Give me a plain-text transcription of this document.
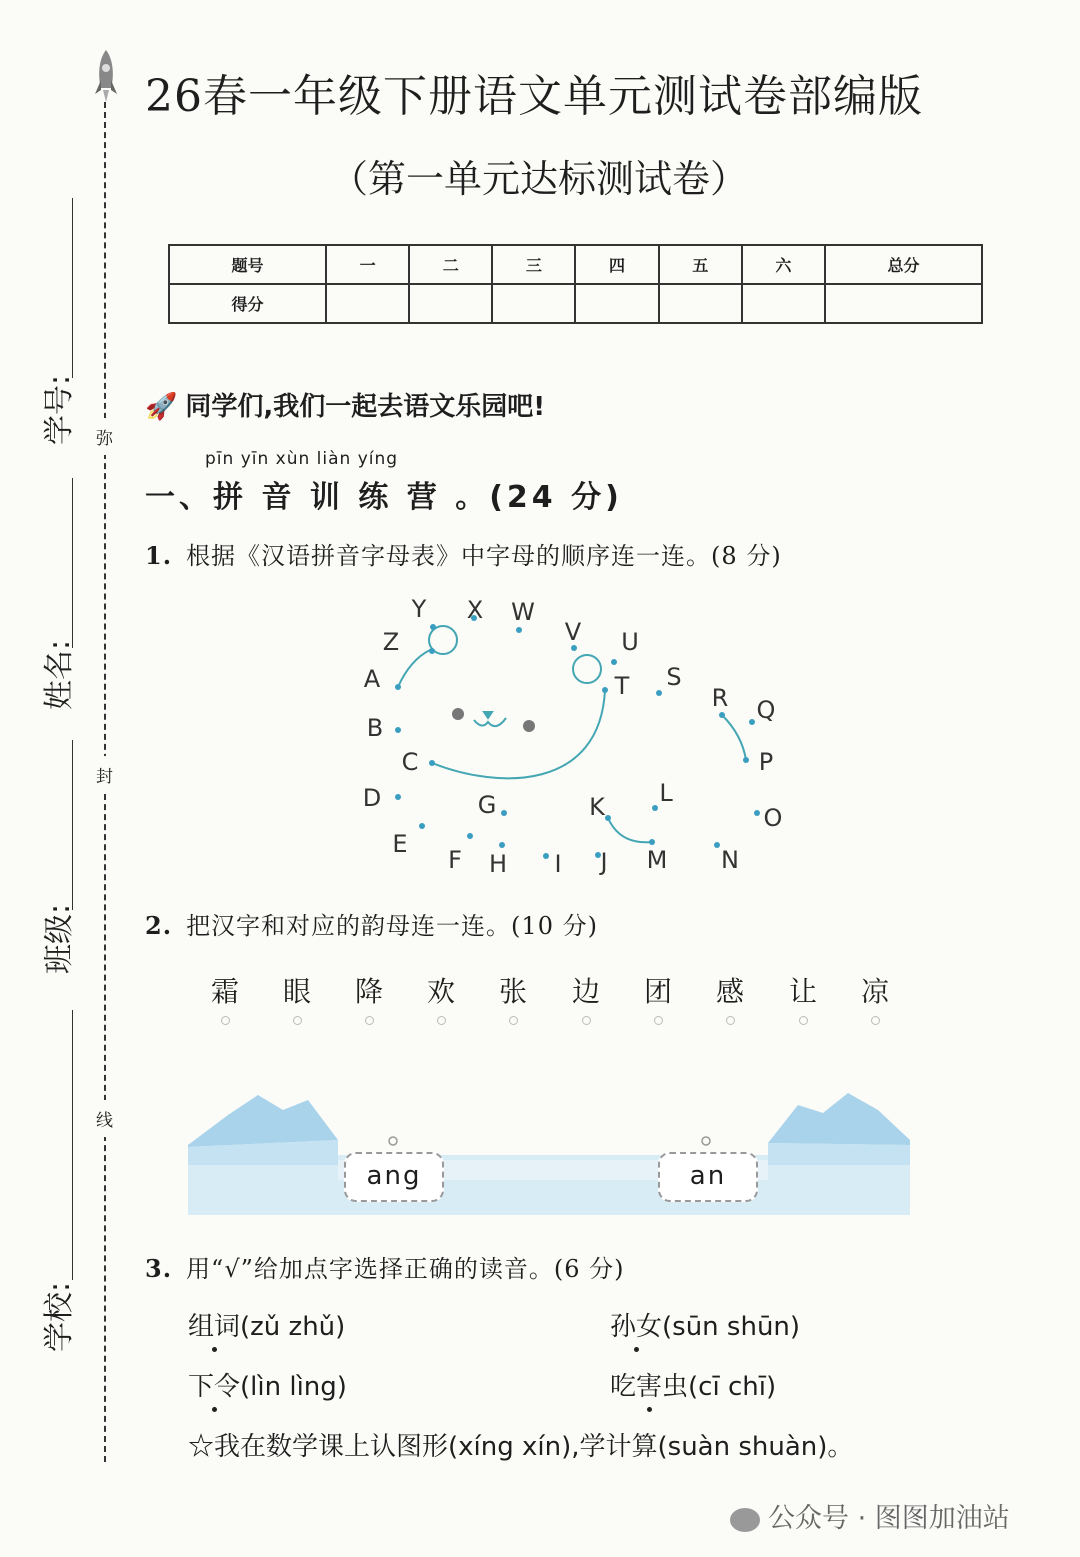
弥
封
线
学号:
姓名:
班级:
学校:
26春一年级下册语文单元测试卷部编版
（第一单元达标测试卷）
题号	一	二	三	四	五	六	总分
得分							
🚀 同学们,我们一起去语文乐园吧!
pīn yīn xùn liàn yíng
一、拼 音 训 练 营 。(24 分)
1. 根据《汉语拼音字母表》中字母的顺序连一连。(8 分)
A
B
C
D
E
F
G
H I J
K L
M N
O
P
Q
R
S
T
U
V
W
X
Y
Z
2. 把汉字和对应的韵母连一连。(10 分)
霜	眼	降	欢	张	边	团	感	让	凉
ang	an
3. 用“√”给加点字选择正确的读音。(6 分)
组词(zǔ zhǔ)	孙女(sūn shūn)
下令(lìn lìng)	吃害虫(cī chī)
☆我在数学课上认图形(xíng xín),学计算(suàn shuàn)。
公众号 · 图图加油站
